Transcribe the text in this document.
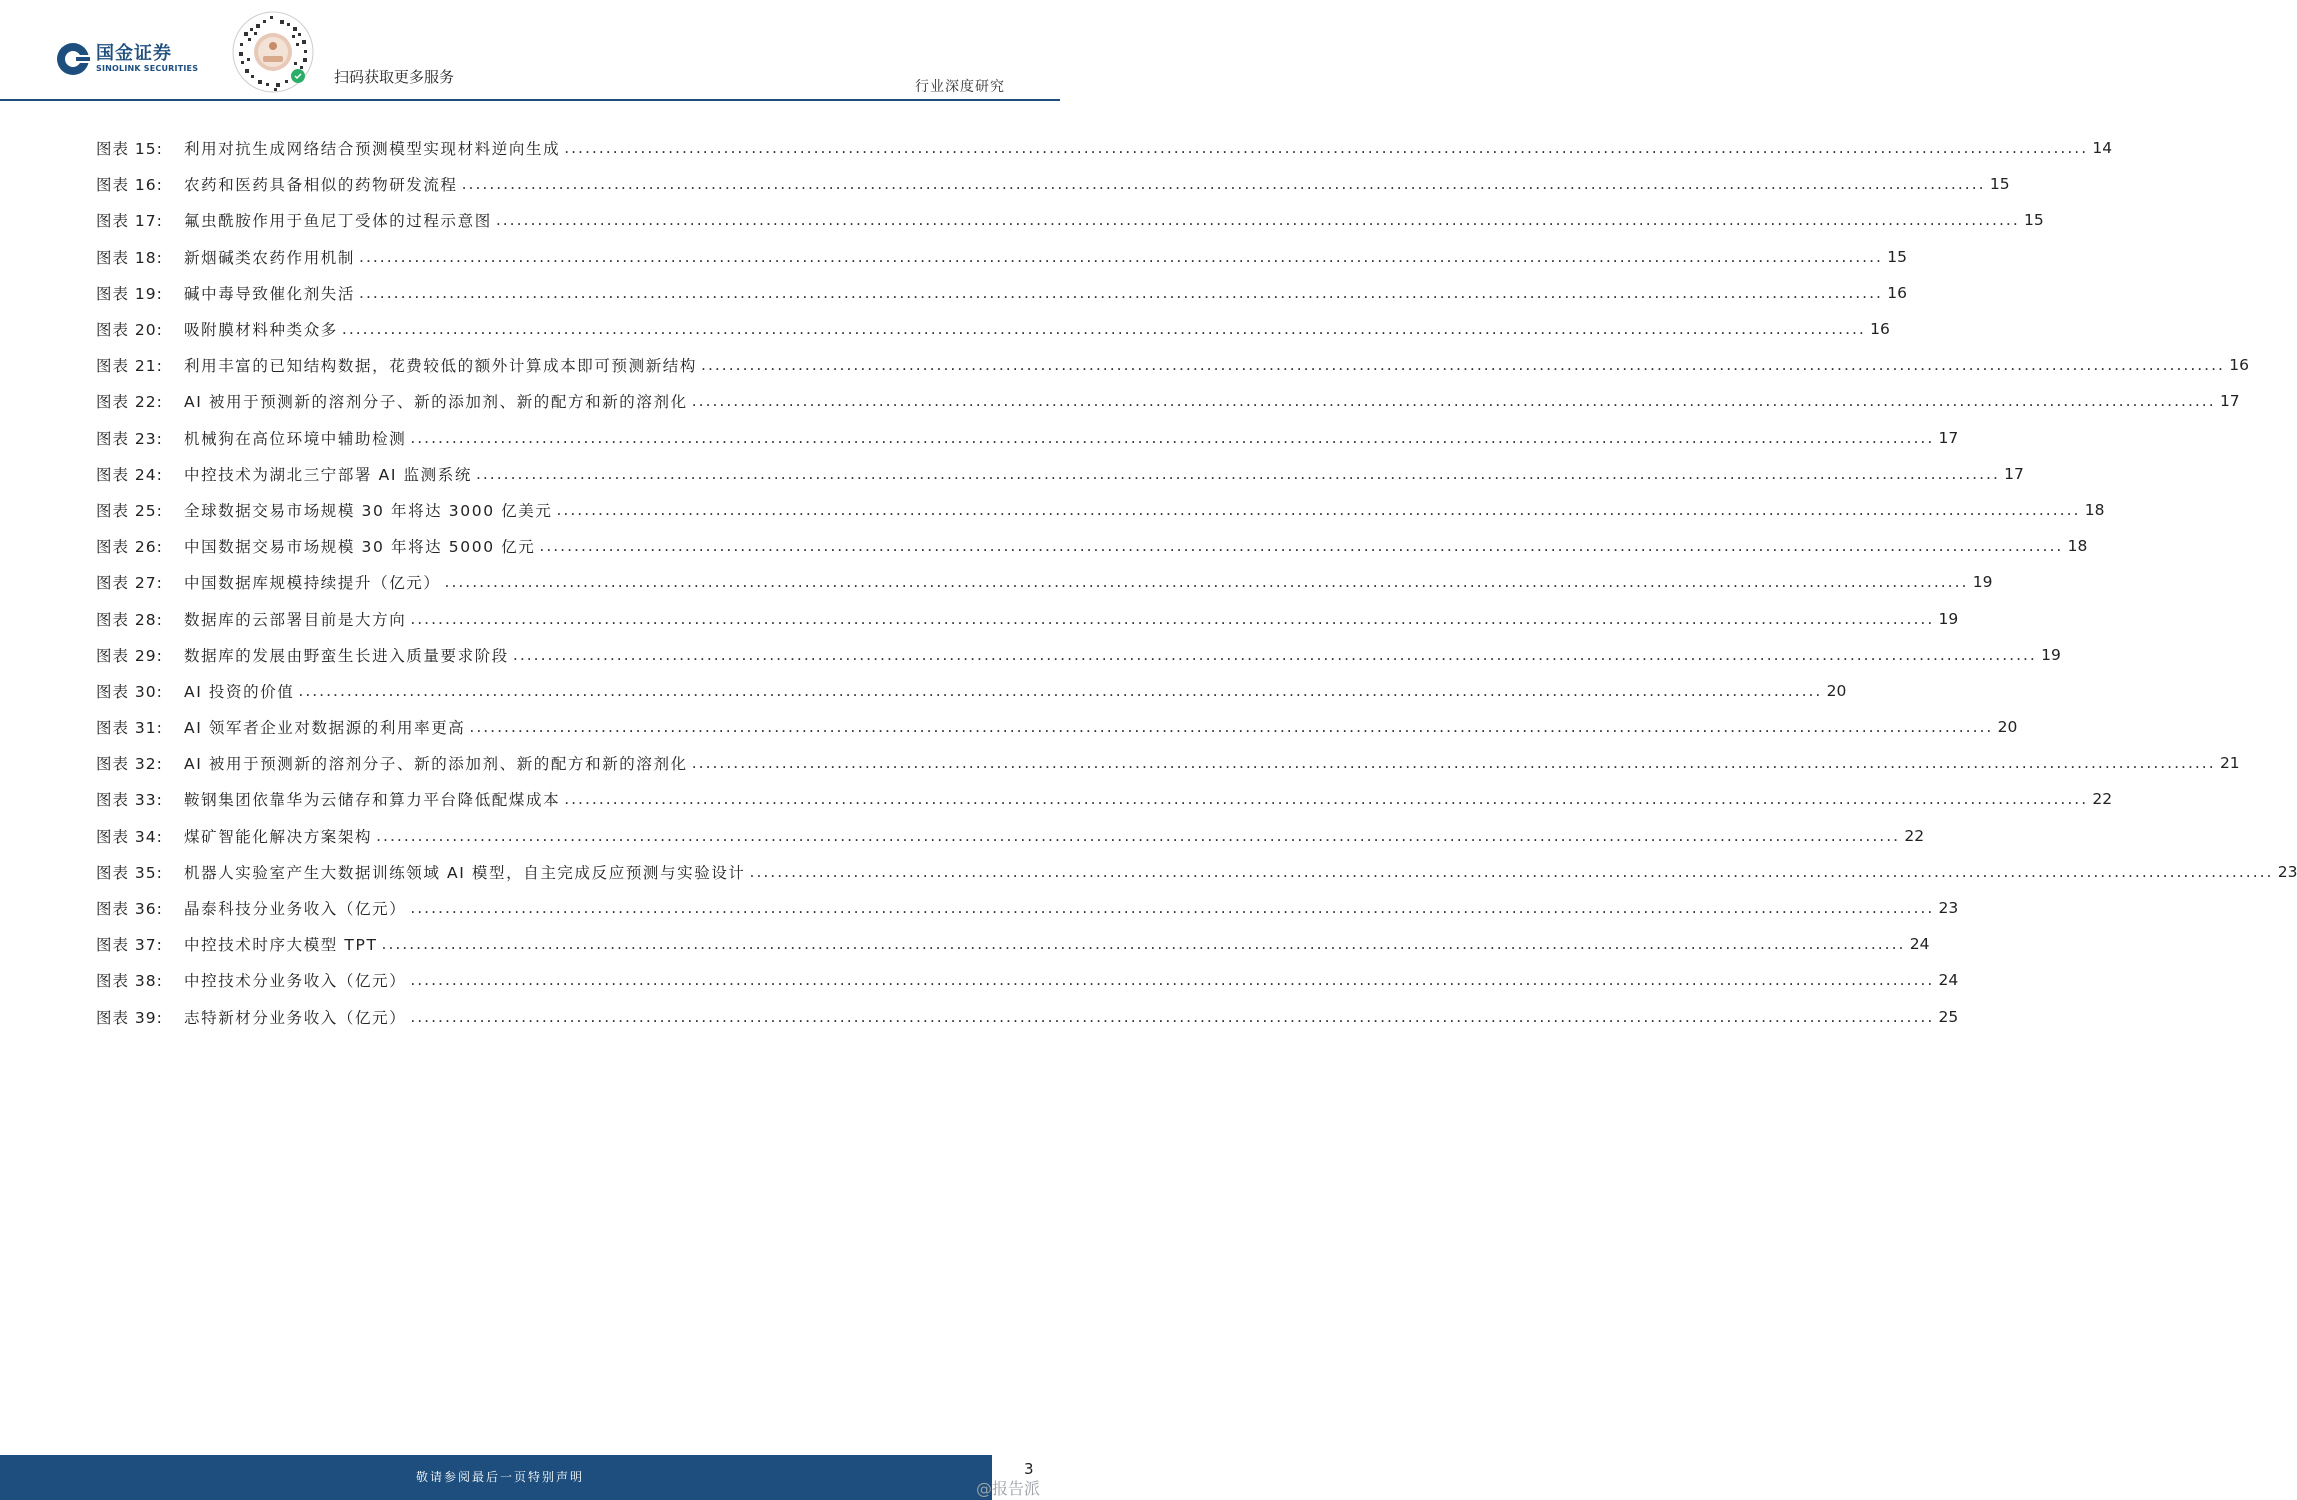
国金证券
SINOLINK SECURITIES	扫码获取更多服务
行业深度研究
图表 15:	利用对抗生成网络结合预测模型实现材料逆向生成 ............................................................................................................................................................................................................................ 14
图表 16:	农药和医药具备相似的药物研发流程 ............................................................................................................................................................................................................................ 15
图表 17:	氟虫酰胺作用于鱼尼丁受体的过程示意图 ............................................................................................................................................................................................................................ 15
图表 18:	新烟碱类农药作用机制 ............................................................................................................................................................................................................................ 15
图表 19:	碱中毒导致催化剂失活 ............................................................................................................................................................................................................................ 16
图表 20:	吸附膜材料种类众多 ............................................................................................................................................................................................................................ 16
图表 21:	利用丰富的已知结构数据，花费较低的额外计算成本即可预测新结构 ............................................................................................................................................................................................................................ 16
图表 22:	AI 被用于预测新的溶剂分子、新的添加剂、新的配方和新的溶剂化 ............................................................................................................................................................................................................................ 17
图表 23:	机械狗在高位环境中辅助检测 ............................................................................................................................................................................................................................ 17
图表 24:	中控技术为湖北三宁部署 AI 监测系统 ............................................................................................................................................................................................................................ 17
图表 25:	全球数据交易市场规模 30 年将达 3000 亿美元 ............................................................................................................................................................................................................................ 18
图表 26:	中国数据交易市场规模 30 年将达 5000 亿元 ............................................................................................................................................................................................................................ 18
图表 27:	中国数据库规模持续提升（亿元） ............................................................................................................................................................................................................................ 19
图表 28:	数据库的云部署目前是大方向 ............................................................................................................................................................................................................................ 19
图表 29:	数据库的发展由野蛮生长进入质量要求阶段 ............................................................................................................................................................................................................................ 19
图表 30:	AI 投资的价值 ............................................................................................................................................................................................................................ 20
图表 31:	AI 领军者企业对数据源的利用率更高 ............................................................................................................................................................................................................................ 20
图表 32:	AI 被用于预测新的溶剂分子、新的添加剂、新的配方和新的溶剂化 ............................................................................................................................................................................................................................ 21
图表 33:	鞍钢集团依靠华为云储存和算力平台降低配煤成本 ............................................................................................................................................................................................................................ 22
图表 34:	煤矿智能化解决方案架构 ............................................................................................................................................................................................................................ 22
图表 35:	机器人实验室产生大数据训练领域 AI 模型，自主完成反应预测与实验设计 ............................................................................................................................................................................................................................ 23
图表 36:	晶泰科技分业务收入（亿元） ............................................................................................................................................................................................................................ 23
图表 37:	中控技术时序大模型 TPT ............................................................................................................................................................................................................................ 24
图表 38:	中控技术分业务收入（亿元） ............................................................................................................................................................................................................................ 24
图表 39:	志特新材分业务收入（亿元） ............................................................................................................................................................................................................................ 25
敬请参阅最后一页特别声明	3
@报告派
